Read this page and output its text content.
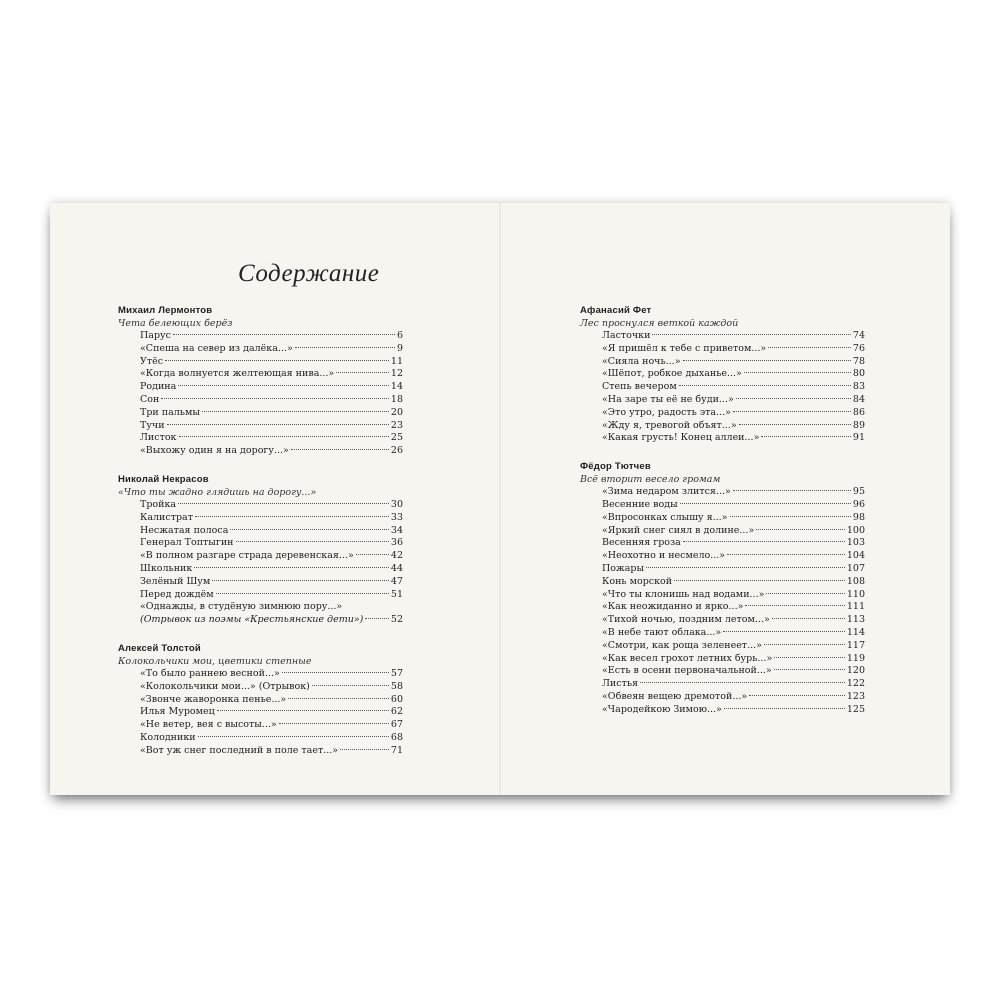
Содержание
Михаил Лермонтов
Чета белеющих берёз
Парус	6
«Спеша на север из далёка...»	9
Утёс	11
«Когда волнуется желтеющая нива...»	12
Родина	14
Сон	18
Три пальмы	20
Тучи	23
Листок	25
«Выхожу один я на дорогу...»	26
Николай Некрасов
«Что ты жадно глядишь на дорогу...»
Тройка	30
Калистрат	33
Несжатая полоса	34
Генерал Топтыгин	36
«В полном разгаре страда деревенская...»	42
Школьник	44
Зелёный Шум	47
Перед дождём	51
«Однажды, в студёную зимнюю пору...»
(Отрывок из поэмы «Крестьянские дети»)	52
Алексей Толстой
Колокольчики мои, цветики степные
«То было раннею весной...»	57
«Колокольчики мои...» (Отрывок)	58
«Звонче жаворонка пенье...»	60
Илья Муромец	62
«Не ветер, вея с высоты...»	67
Колодники	68
«Вот уж снег последний в поле тает...»	71
Афанасий Фет
Лес проснулся веткой каждой
Ласточки	74
«Я пришёл к тебе с приветом...»	76
«Сияла ночь...»	78
«Шёпот, робкое дыханье...»	80
Степь вечером	83
«На заре ты её не буди...»	84
«Это утро, радость эта...»	86
«Жду я, тревогой объят...»	89
«Какая грусть! Конец аллеи...»	91
Фёдор Тютчев
Всё вторит весело громам
«Зима недаром злится...»	95
Весенние воды	96
«Впросонках слышу я...»	98
«Яркий снег сиял в долине...»	100
Весенняя гроза	103
«Неохотно и несмело...»	104
Пожары	107
Конь морской	108
«Что ты клонишь над водами...»	110
«Как неожиданно и ярко...»	111
«Тихой ночью, поздним летом...»	113
«В небе тают облака...»	114
«Смотри, как роща зеленеет...»	117
«Как весел грохот летних бурь...»	119
«Есть в осени первоначальной...»	120
Листья	122
«Обвеян вещею дремотой...»	123
«Чародейкою Зимою...»	125
